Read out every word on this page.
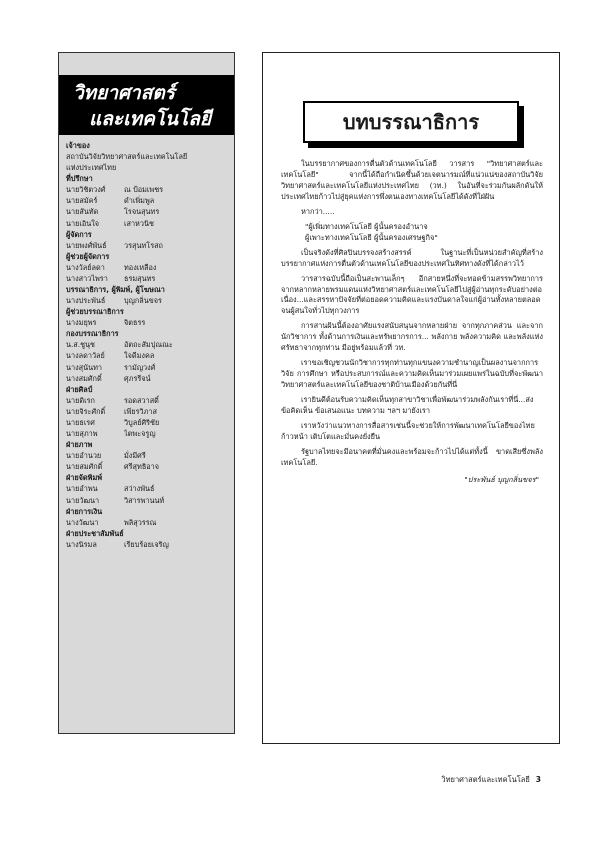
วิทยาศาสตร์
และเทคโนโลยี
เจ้าของ
สถาบันวิจัยวิทยาศาสตร์และเทคโนโลยี
แห่งประเทศไทย
ที่ปรึกษา
นายวิชิตวงศ์	ณ ป้อมเพชร
นายสมัคร์	ดำเพิ่มพูล
นายสันทัด	โรจนสุนทร
นายเอินใจ	เสาหวนิช
ผู้จัดการ
นายพงศ์พันธ์	วรสุนทโรสถ
ผู้ช่วยผู้จัดการ
นางวัลย์ลดา	ทองเหลือง
นางสาวไพรา	ธรมสุนทร
บรรณาธิการ, ผู้พิมพ์, ผู้โฆษณา
นางประพันธ์	บุญกลิ่นขจร
ผู้ช่วยบรรณาธิการ
นางมยุพร	จิตธรร
กองบรรณาธิการ
น.ส.ชูนุช	อัตถะสัมปุณณะ
นางลดาวัลย์	ใจดีมงคล
นางสุนันทา	รามัญวงศ์
นางสมศักดิ์	ศุภรรีจน์
ฝ่ายศิลป์
นายดิเรก	รอดสวาสดิ์
นายจิระศักดิ์	เพียรวิภาส
นายธเรศ	วิบูลย์ศิริชัย
นายสุภาพ	ไตพะจรูญ
ฝ่ายภาพ
นายอำนวย	มั่งมีศรี
นายสมศักดิ์	ศรีสุทธิอาจ
ฝ่ายจัดพิมพ์
นายอำพน	สว่างพันธ์
นายวัฒนา	วิสารพานนท์
ฝ่ายการเงิน
นางวัฒนา	พลิสุวรรณ
ฝ่ายประชาสัมพันธ์
นางนิรมล	เรียบร้อยเจริญ
บทบรรณาธิการ

ในบรรยากาศของการตื่นตัวด้านเทคโนโลยี วารสาร "วิทยาศาสตร์และเทคโนโลยี" จากนี้ได้ถือกำเนิดขึ้นด้วยเจตนารมณ์ที่แน่วแน่ของสถาบันวิจัยวิทยาศาสตร์และเทคโนโลยีแห่งประเทศไทย (วท.) ในอันที่จะร่วมกันผลักดันให้ประเทศไทยก้าวไปสู่ยุคแห่งการพึ่งตนเองทางเทคโนโลยีได้ดังที่ใฝ่ฝัน

หากว่า.....

"ผู้เพิ่มทางเทคโนโลยี ผู้นั้นครองอำนาจ
ผู้เพาะทางเทคโนโลยี ผู้นั้นครองเศรษฐกิจ"

เป็นจริงดังที่ศิลปินบรรจงสร้างสรรค์ ในฐานะที่เป็นหน่วยสำคัญที่สร้างบรรยากาศแห่งการตื่นตัวด้านเทคโนโลยีของประเทศในทิศทางดังที่ได้กล่าวไว้

วารสารฉบับนี้ถือเป็นสะพานเล็กๆ อีกสายหนึ่งที่จะทอดข้ามสรรพวิทยาการจากหลากหลายพรมแดนแห่งวิทยาศาสตร์และเทคโนโลยีไปสู่ผู้อ่านทุกระดับอย่างต่อเนื่อง...และสรรหาปัจจัยที่ต่อยอดความคิดและแรงบันดาลใจแก่ผู้อ่านทั้งหลายตลอดจนผู้สนใจทั่วไปทุกวงการ

การสานฝันนี้ต้องอาศัยแรงสนับสนุนจากหลายฝ่าย จากทุกภาคส่วน และจากนักวิชาการ ทั้งด้านการเงินและทรัพยากรการ... พลังกาย พลังความคิด และพลังแห่งศรัทธาจากทุกท่าน มีอยู่พร้อมแล้วที่ วท.

เราขอเชิญชวนนักวิชาการทุกท่านทุกแขนงความชำนาญเป็นผลงานจากการวิจัย การศึกษา หรือประสบการณ์และความคิดเห็นมาร่วมเผยแพร่ในฉบับที่จะพัฒนาวิทยาศาสตร์และเทคโนโลยีของชาติบ้านเมืองด้วยกันที่นี่

เรายินดีต้อนรับความคิดเห็นทุกสาขาวิชาเพื่อพัฒนาร่วมพลังกันเราที่นี่...ส่งข้อคิดเห็น ข้อเสนอแนะ บทความ ฯลฯ มายังเรา

เราหวังว่าแนวทางการสื่อสารเช่นนี้จะช่วยให้การพัฒนาเทคโนโลยีของไทยก้าวหน้า เติบโตและมั่นคงยั่งยืน

รัฐบาลไทยจะมีอนาคตที่มั่นคงและพร้อมจะก้าวไปได้แต่ทั้งนี้ ขาดเสียซึ่งพลังเทคโนโลยี.

"ประพันธ์ บุญกลิ่นขจร"
วิทยาศาสตร์และเทคโนโลยี 3
